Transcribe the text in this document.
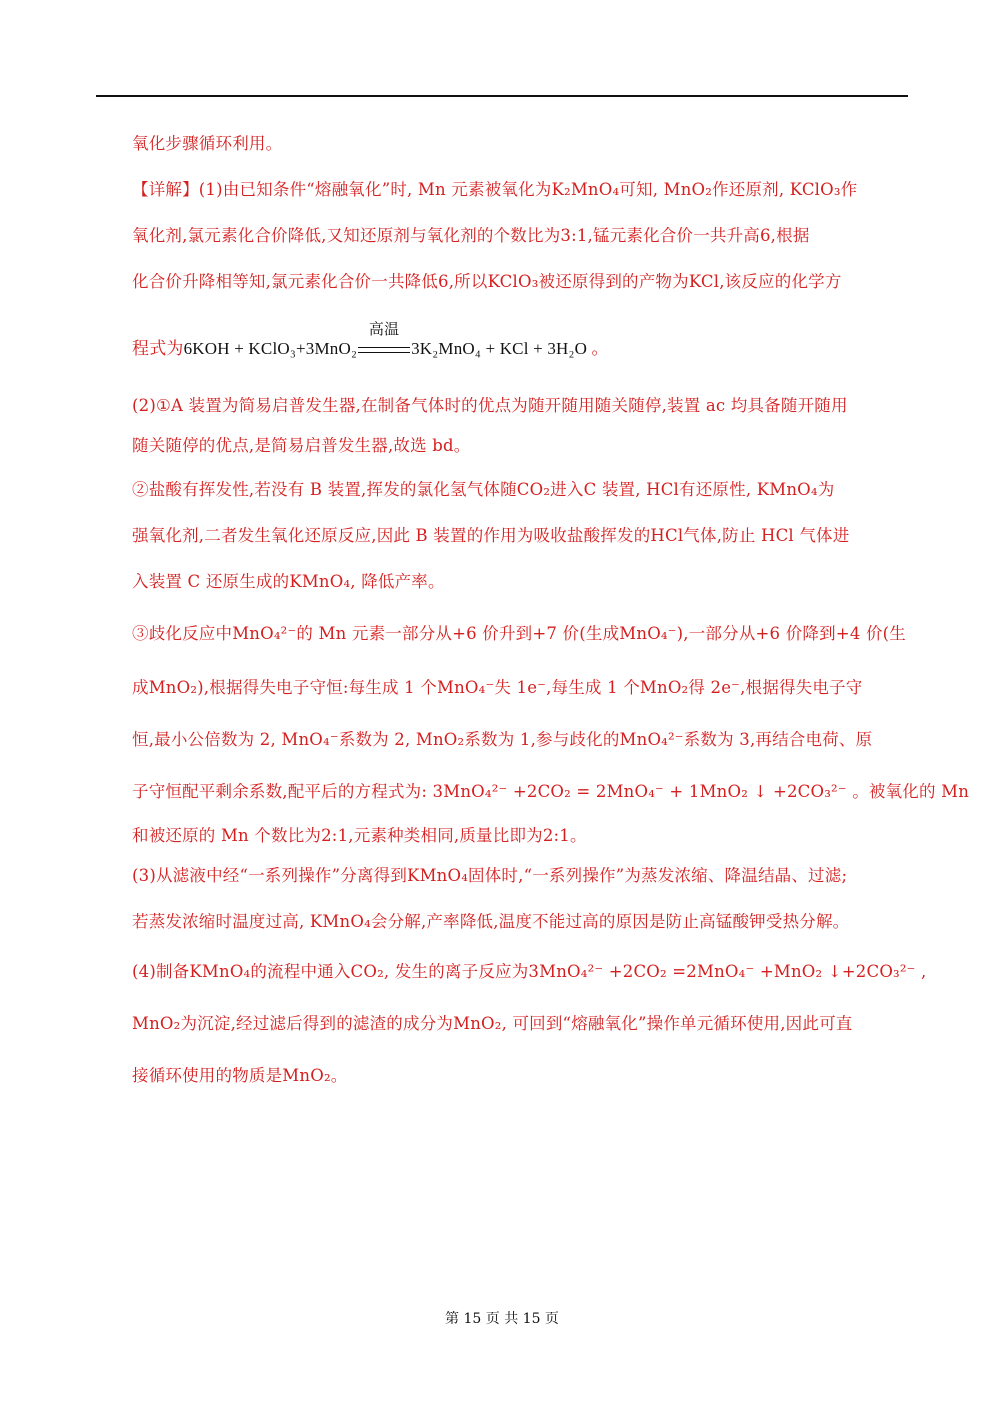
氧化步骤循环利用。
【详解】(1)由已知条件“熔融氧化”时, Mn 元素被氧化为K₂MnO₄可知, MnO₂作还原剂, KClO₃作
氧化剂,氯元素化合价降低,又知还原剂与氧化剂的个数比为3:1,锰元素化合价一共升高6,根据
化合价升降相等知,氯元素化合价一共降低6,所以KClO₃被还原得到的产物为KCl,该反应的化学方
(2)①A 装置为简易启普发生器,在制备气体时的优点为随开随用随关随停,装置 ac 均具备随开随用
随关随停的优点,是简易启普发生器,故选 bd。
②盐酸有挥发性,若没有 B 装置,挥发的氯化氢气体随CO₂进入C 装置, HCl有还原性, KMnO₄为
强氧化剂,二者发生氧化还原反应,因此 B 装置的作用为吸收盐酸挥发的HCl气体,防止 HCl 气体进
入装置 C 还原生成的KMnO₄, 降低产率。
③歧化反应中MnO₄²⁻的 Mn 元素一部分从+6 价升到+7 价(生成MnO₄⁻),一部分从+6 价降到+4 价(生
成MnO₂),根据得失电子守恒:每生成 1 个MnO₄⁻失 1e⁻,每生成 1 个MnO₂得 2e⁻,根据得失电子守
恒,最小公倍数为 2, MnO₄⁻系数为 2, MnO₂系数为 1,参与歧化的MnO₄²⁻系数为 3,再结合电荷、原
子守恒配平剩余系数,配平后的方程式为: 3MnO₄²⁻ +2CO₂ = 2MnO₄⁻ + 1MnO₂ ↓ +2CO₃²⁻ 。被氧化的 Mn
和被还原的 Mn 个数比为2:1,元素种类相同,质量比即为2:1。
(3)从滤液中经“一系列操作”分离得到KMnO₄固体时,“一系列操作”为蒸发浓缩、降温结晶、过滤;
若蒸发浓缩时温度过高, KMnO₄会分解,产率降低,温度不能过高的原因是防止高锰酸钾受热分解。
(4)制备KMnO₄的流程中通入CO₂, 发生的离子反应为3MnO₄²⁻ +2CO₂ =2MnO₄⁻ +MnO₂ ↓+2CO₃²⁻ ,
MnO₂为沉淀,经过滤后得到的滤渣的成分为MnO₂, 可回到“熔融氧化”操作单元循环使用,因此可直
接循环使用的物质是MnO₂。
程式为6KOH + KClO₃+3MnO₂
高温
3K₂MnO₄ + KCl + 3H₂O 。
第 15 页 共 15 页
